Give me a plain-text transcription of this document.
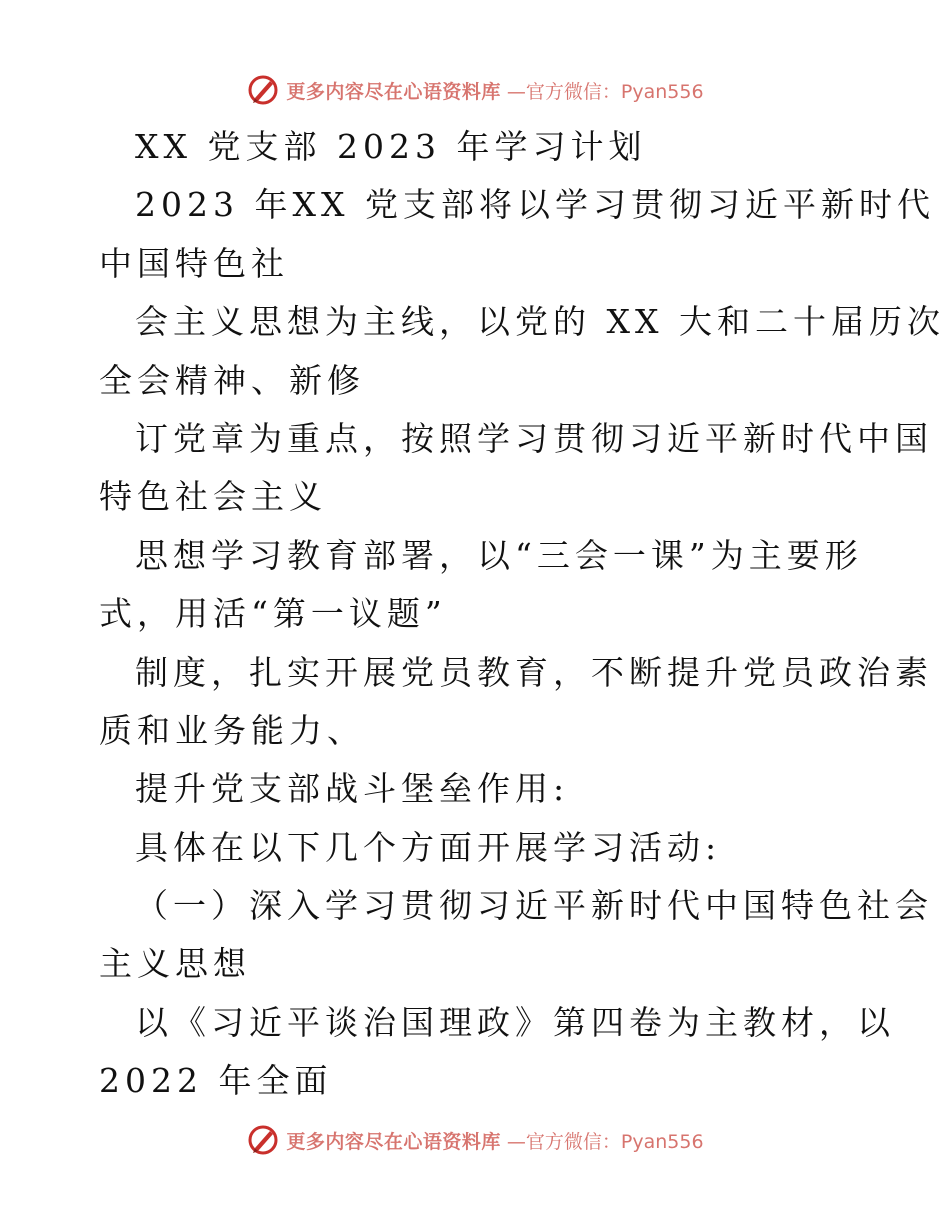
更多内容尽在心语资料库 —官方微信：Pyan556
XX 党支部 2023 年学习计划
2023 年XX 党支部将以学习贯彻习近平新时代
中国特色社
会主义思想为主线，以党的 XX 大和二十届历次
全会精神、新修
订党章为重点，按照学习贯彻习近平新时代中国
特色社会主义
思想学习教育部署，以“三会一课”为主要形
式，用活“第一议题”
制度，扎实开展党员教育，不断提升党员政治素
质和业务能力、
提升党支部战斗堡垒作用:
具体在以下几个方面开展学习活动:
（一）深入学习贯彻习近平新时代中国特色社会
主义思想
以《习近平谈治国理政》第四卷为主教材，以
2022 年全面
更多内容尽在心语资料库 —官方微信：Pyan556
